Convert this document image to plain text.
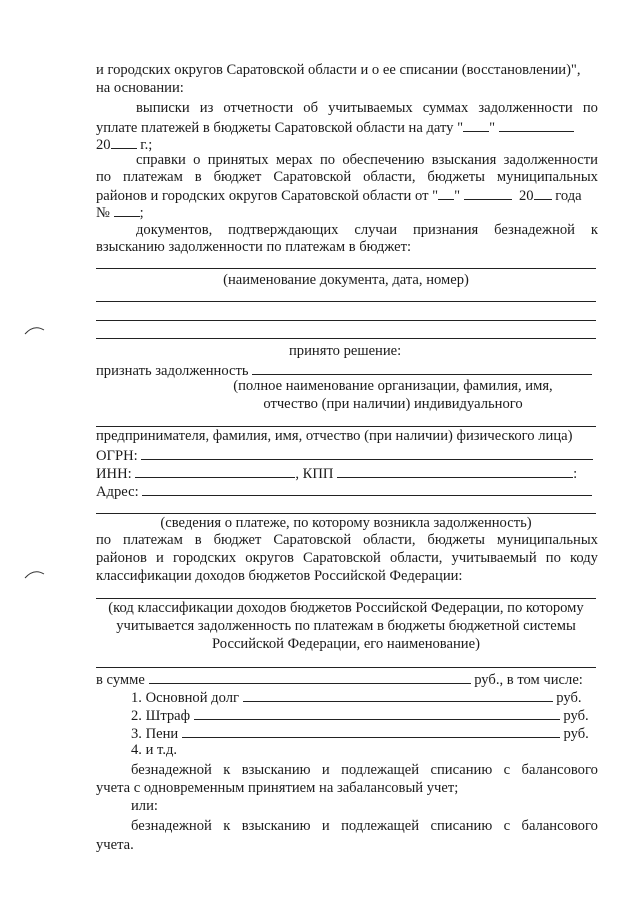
и городских округов Саратовской области и о ее списании (восстановлении)",
на основании:
выписки из отчетности об учитываемых суммах задолженности по
уплате платежей в бюджеты Саратовской области на дату " "
20 г.;
справки о принятых мерах по обеспечению взыскания задолженности
по платежам в бюджет Саратовской области, бюджеты муниципальных
районов и городских округов Саратовской области от " "	20 года
№ ;
документов, подтверждающих случаи признания безнадежной к
взысканию задолженности по платежам в бюджет:
(наименование документа, дата, номер)
принято решение:
признать задолженность
(полное наименование организации, фамилия, имя,
отчество (при наличии) индивидуального
предпринимателя, фамилия, имя, отчество (при наличии) физического лица)
ОГРН:
ИНН:	, КПП	:
Адрес:
(сведения о платеже, по которому возникла задолженность)
по платежам в бюджет Саратовской области, бюджеты муниципальных
районов и городских округов Саратовской области, учитываемый по коду
классификации доходов бюджетов Российской Федерации:
(код классификации доходов бюджетов Российской Федерации, по которому
учитывается задолженность по платежам в бюджеты бюджетной системы
Российской Федерации, его наименование)
в сумме	руб., в том числе:
1. Основной долг	руб.
2. Штраф	руб.
3. Пени	руб.
4. и т.д.
безнадежной к взысканию и подлежащей списанию с балансового
учета с одновременным принятием на забалансовый учет;
или:
безнадежной к взысканию и подлежащей списанию с балансового
учета.
